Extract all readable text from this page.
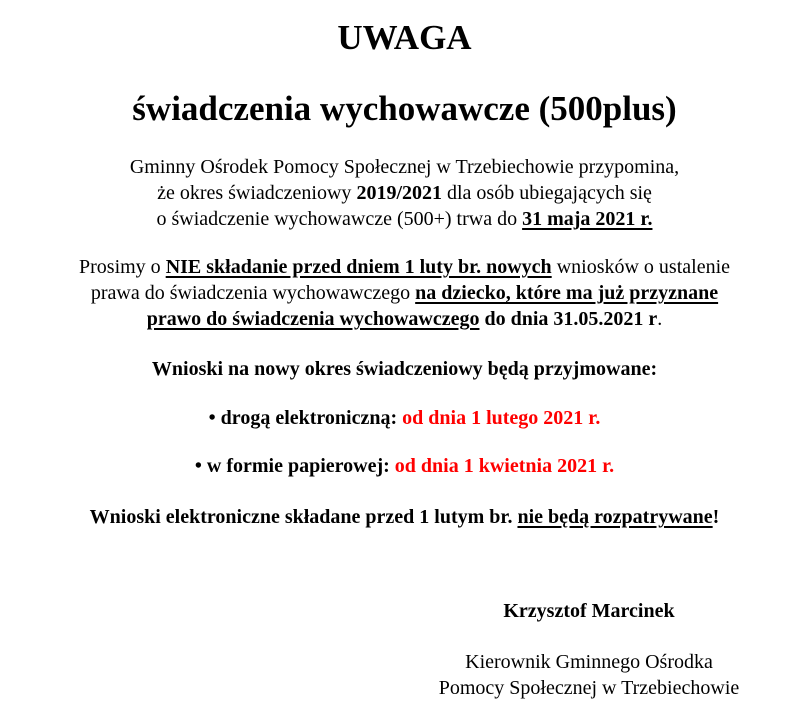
UWAGA
świadczenia wychowawcze (500plus)
Gminny Ośrodek Pomocy Społecznej w Trzebiechowie przypomina,
że okres świadczeniowy 2019/2021 dla osób ubiegających się
o świadczenie wychowawcze (500+) trwa do 31 maja 2021 r.
Prosimy o NIE składanie przed dniem 1 luty br. nowych wniosków o ustalenie
prawa do świadczenia wychowawczego na dziecko, które ma już przyznane
prawo do świadczenia wychowawczego do dnia 31.05.2021 r.
Wnioski na nowy okres świadczeniowy będą przyjmowane:
• drogą elektroniczną: od dnia 1 lutego 2021 r.
• w formie papierowej: od dnia 1 kwietnia 2021 r.
Wnioski elektroniczne składane przed 1 lutym br. nie będą rozpatrywane!
Krzysztof Marcinek
Kierownik Gminnego Ośrodka
Pomocy Społecznej w Trzebiechowie
